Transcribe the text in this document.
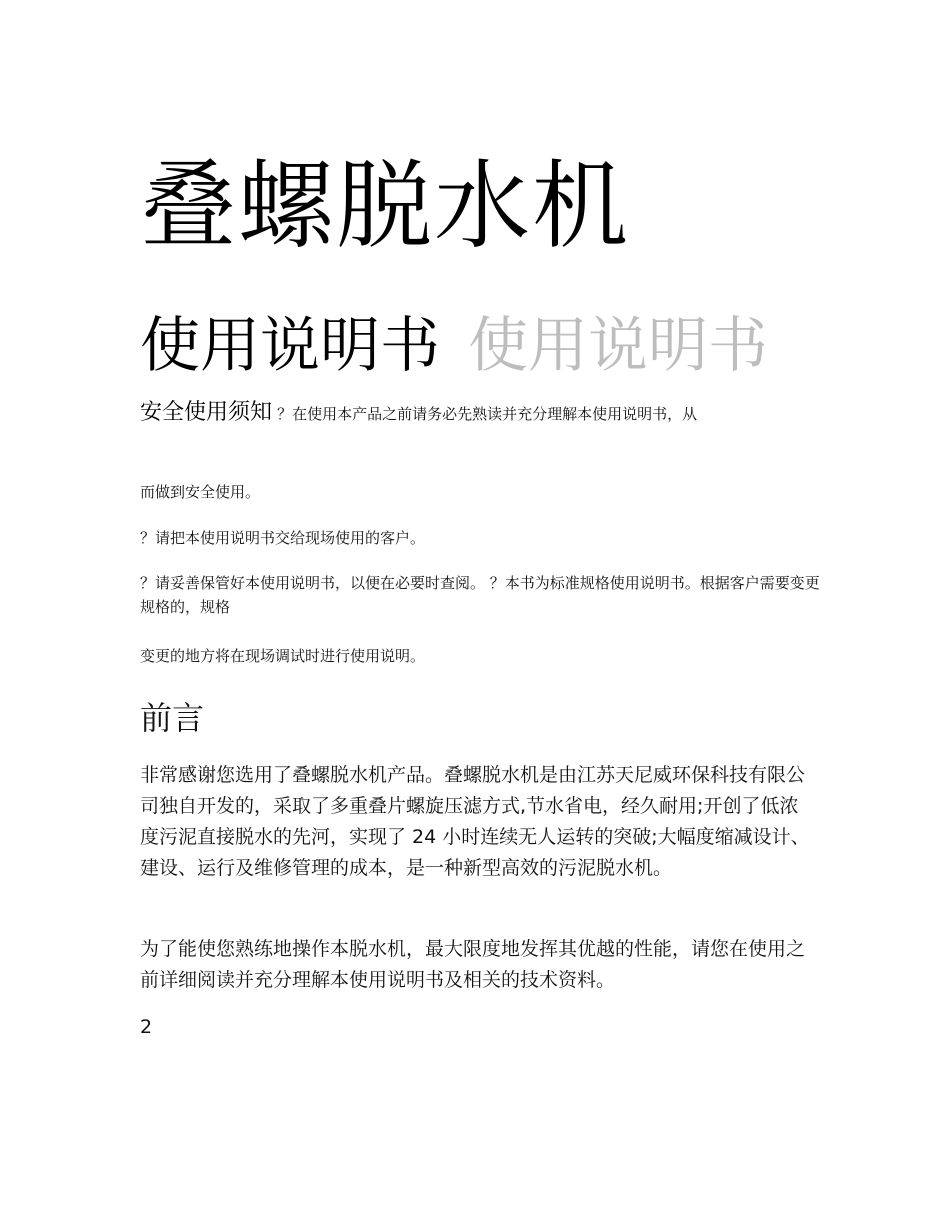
叠螺脱水机
使用说明书 使用说明书
安全使用须知 ？在使用本产品之前请务必先熟读并充分理解本使用说明书，从

而做到安全使用。

？请把本使用说明书交给现场使用的客户。

？请妥善保管好本使用说明书，以便在必要时查阅。 ？本书为标准规格使用说明书。根据客户需要变更规格的，规格

变更的地方将在现场调试时进行使用说明。

前言

非常感谢您选用了叠螺脱水机产品。叠螺脱水机是由江苏天尼威环保科技有限公司独自开发的，采取了多重叠片螺旋压滤方式,节水省电，经久耐用;开创了低浓度污泥直接脱水的先河，实现了 24 小时连续无人运转的突破;大幅度缩减设计、建设、运行及维修管理的成本，是一种新型高效的污泥脱水机。

为了能使您熟练地操作本脱水机，最大限度地发挥其优越的性能，请您在使用之前详细阅读并充分理解本使用说明书及相关的技术资料。

2
